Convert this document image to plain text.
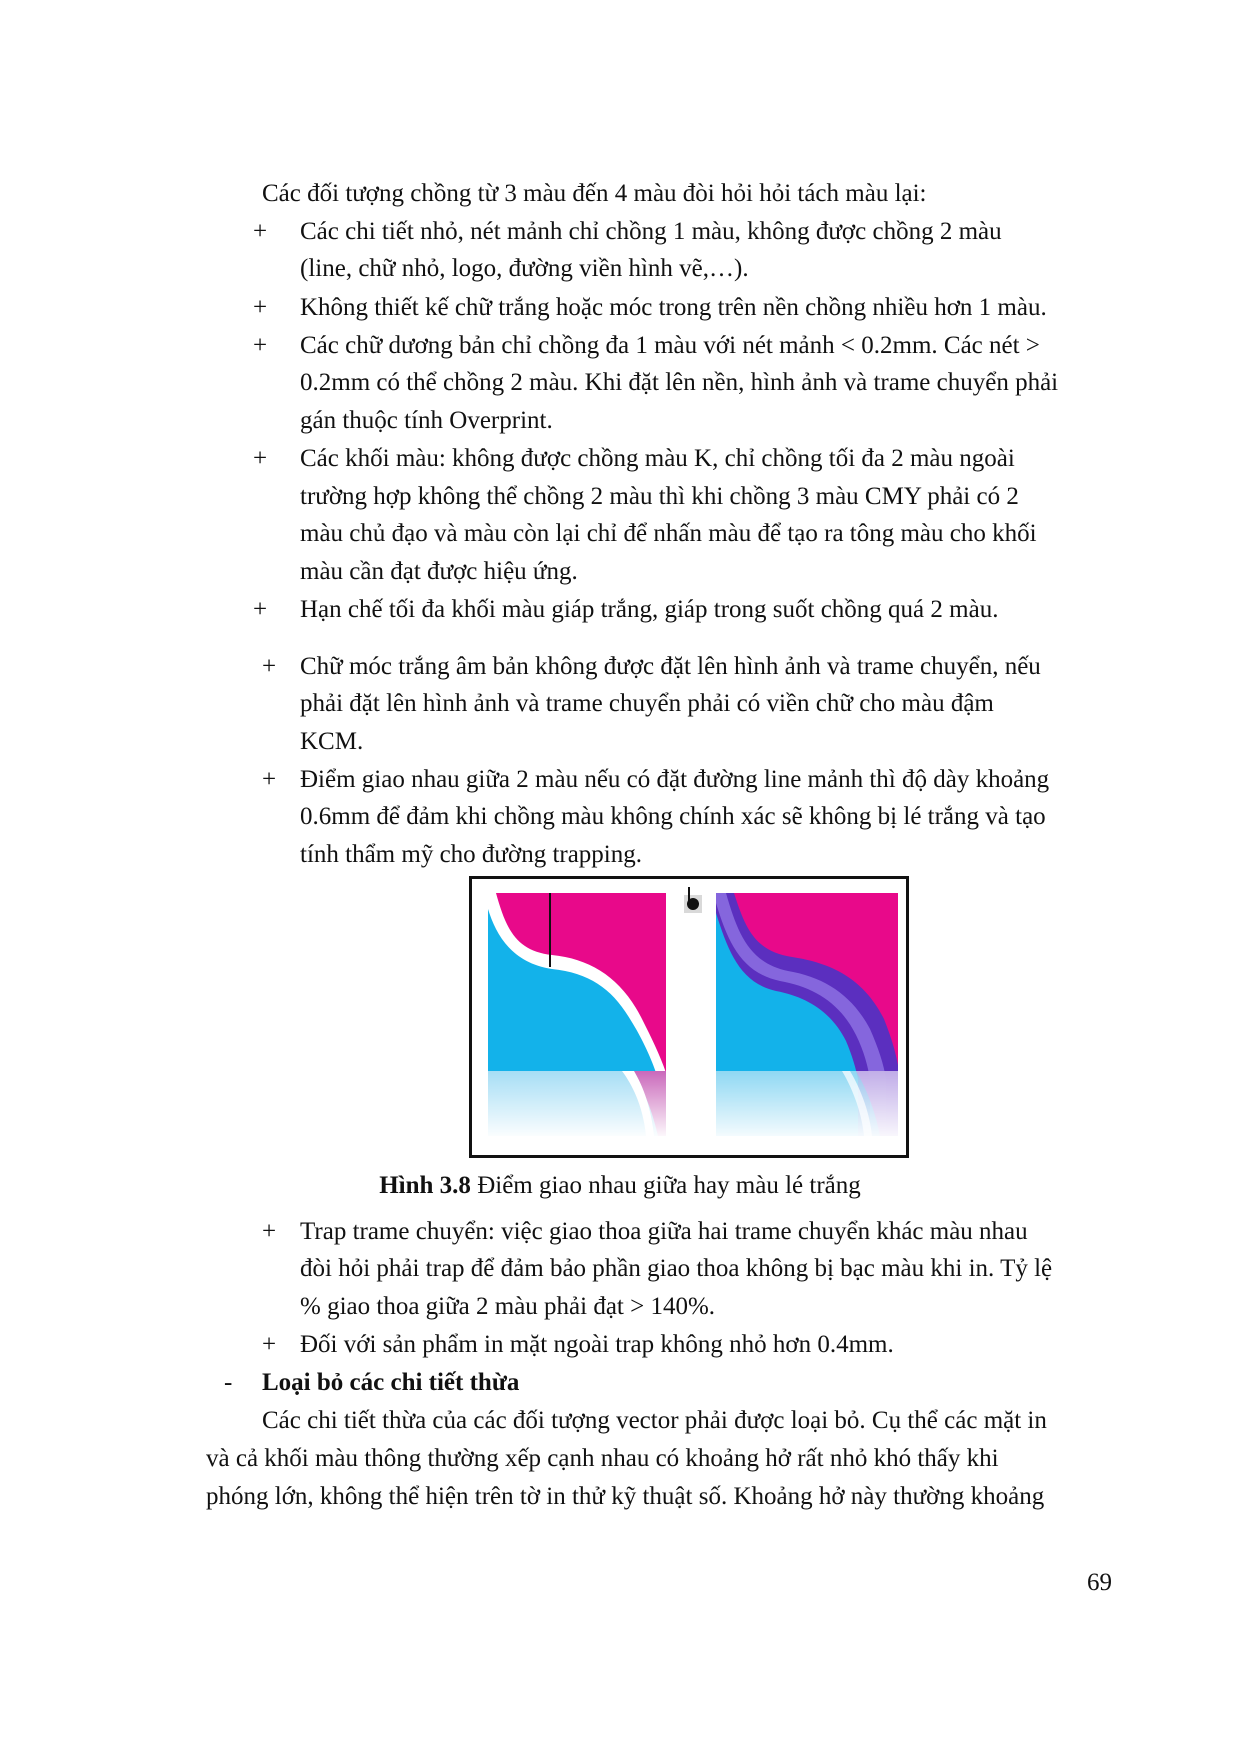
Các đối tượng chồng từ 3 màu đến 4 màu đòi hỏi hỏi tách màu lại:
+ Các chi tiết nhỏ, nét mảnh chỉ chồng 1 màu, không được chồng 2 màu
(line, chữ nhỏ, logo, đường viền hình vẽ,…).
+ Không thiết kế chữ trắng hoặc móc trong trên nền chồng nhiều hơn 1 màu.
+ Các chữ dương bản chỉ chồng đa 1 màu với nét mảnh < 0.2mm. Các nét >
0.2mm có thể chồng 2 màu. Khi đặt lên nền, hình ảnh và trame chuyển phải
gán thuộc tính Overprint.
+ Các khối màu: không được chồng màu K, chỉ chồng tối đa 2 màu ngoài
trường hợp không thể chồng 2 màu thì khi chồng 3 màu CMY phải có 2
màu chủ đạo và màu còn lại chỉ để nhấn màu để tạo ra tông màu cho khối
màu cần đạt được hiệu ứng.
+ Hạn chế tối đa khối màu giáp trắng, giáp trong suốt chồng quá 2 màu.
+ Chữ móc trắng âm bản không được đặt lên hình ảnh và trame chuyển, nếu
phải đặt lên hình ảnh và trame chuyển phải có viền chữ cho màu đậm
KCM.
+ Điểm giao nhau giữa 2 màu nếu có đặt đường line mảnh thì độ dày khoảng
0.6mm để đảm khi chồng màu không chính xác sẽ không bị lé trắng và tạo
tính thẩm mỹ cho đường trapping.
Hình 3.8 Điểm giao nhau giữa hay màu lé trắng
+ Trap trame chuyển: việc giao thoa giữa hai trame chuyển khác màu nhau
đòi hỏi phải trap để đảm bảo phần giao thoa không bị bạc màu khi in. Tỷ lệ
% giao thoa giữa 2 màu phải đạt > 140%.
+ Đối với sản phẩm in mặt ngoài trap không nhỏ hơn 0.4mm.
- Loại bỏ các chi tiết thừa
Các chi tiết thừa của các đối tượng vector phải được loại bỏ. Cụ thể các mặt in
và cả khối màu thông thường xếp cạnh nhau có khoảng hở rất nhỏ khó thấy khi
phóng lớn, không thể hiện trên tờ in thử kỹ thuật số. Khoảng hở này thường khoảng
69
